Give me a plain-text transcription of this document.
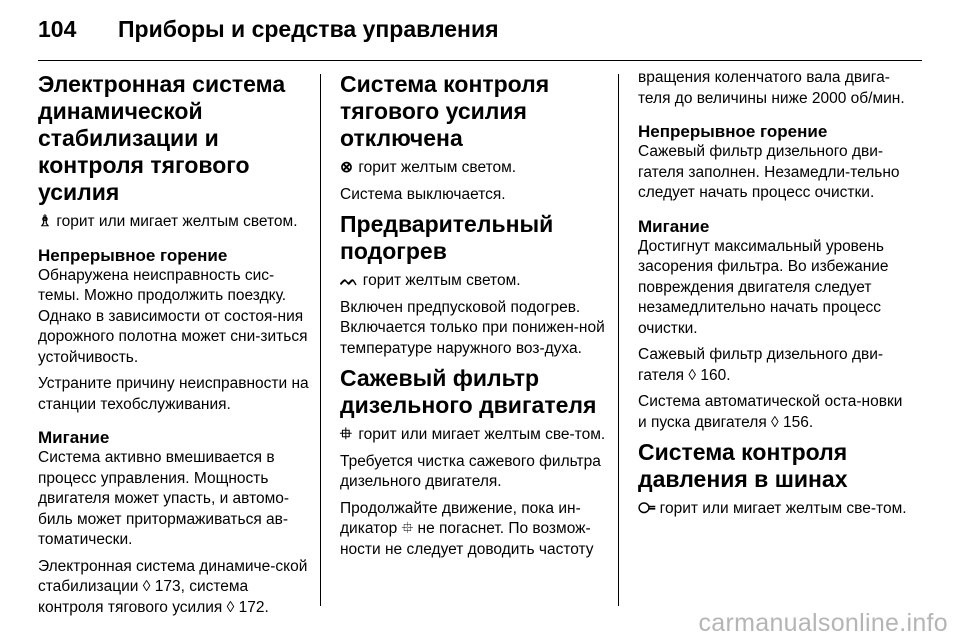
104 Приборы и средства управления
Электронная система динамической стабилизации и контроля тягового усилия

♗ горит или мигает желтым светом.

Непрерывное горение

Обнаружена неисправность сис-темы. Можно продолжить поездку. Однако в зависимости от состоя-ния дорожного полотна может сни-зиться устойчивость.

Устраните причину неисправности на станции техобслуживания.

Мигание

Система активно вмешивается в процесс управления. Мощность двигателя может упасть, и автомо-биль может притормаживаться ав-томатически.

Электронная система динамиче-ской стабилизации ◊ 173, система контроля тягового усилия ◊ 172.

Система контроля тягового усилия отключена

⊗ горит желтым светом.

Система выключается.

Предварительный подогрев

ᨓ горит желтым светом.

Включен предпусковой подогрев. Включается только при понижен-ной температуре наружного воз-духа.

Сажевый фильтр дизельного двигателя

⯐ горит или мигает желтым све-том.

Требуется чистка сажевого фильтра дизельного двигателя.

Продолжайте движение, пока ин-дикатор ⯐ не погаснет. По возмож-ности не следует доводить частоту

вращения коленчатого вала двига-теля до величины ниже 2000 об/мин.

Непрерывное горение

Сажевый фильтр дизельного дви-гателя заполнен. Незамедли-тельно следует начать процесс очистки.

Мигание

Достигнут максимальный уровень засорения фильтра. Во избежание повреждения двигателя следует незамедлительно начать процесс очистки.

Сажевый фильтр дизельного дви-гателя ◊ 160.

Система автоматической оста-новки и пуска двигателя ◊ 156.

Система контроля давления в шинах

⧃ горит или мигает желтым све-том.

carmanualsonline.info
